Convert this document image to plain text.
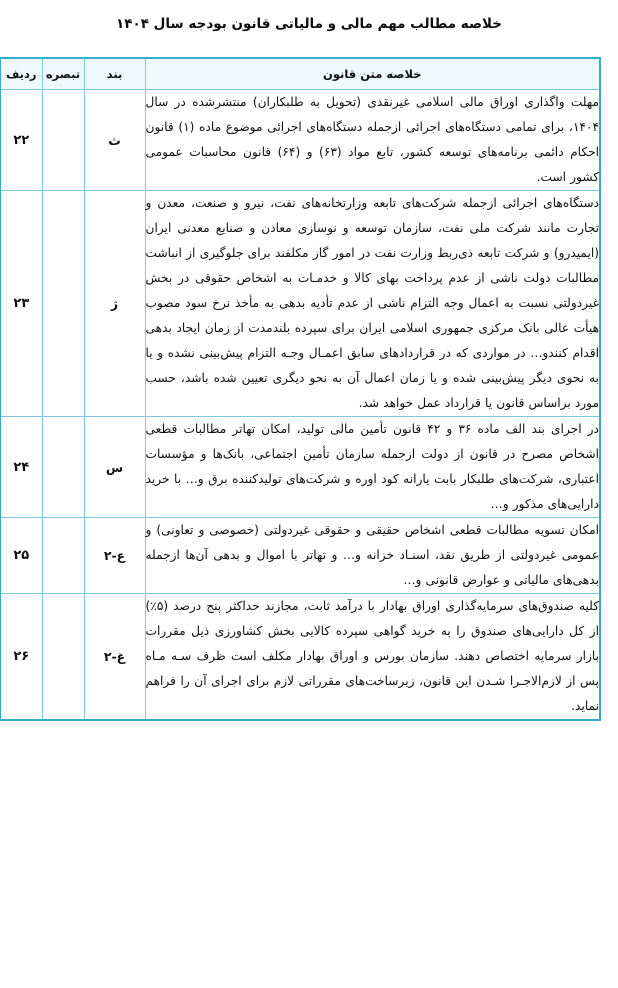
خلاصه مطالب مهم مالی و مالیاتی قانون بودجه سال ۱۴۰۴
خلاصه متن قانون	بند	تبصره	ردیف
مهلت واگذاری اوراق مالی اسلامی غیرنقدی (تحویل به طلبکاران) منتشرشده در سال ۱۴۰۴، برای تمامی دستگاه‌های اجرائی ازجمله دستگاه‌های اجرائی موضوع ماده (۱) قانون احکام دائمی برنامه‌های توسعه کشور، تابع مواد (۶۳) و (۶۴) قانون محاسبات عمومی کشور است.	ث		۲۲
دستگاه‌های اجرائی ازجمله شرکت‌های تابعه وزارتخانه‌های نفت، نیرو و صنعت، معدن و تجارت مانند شرکت ملی نفت، سازمان توسعه و نوسازی معادن و صنایع معدنی ایران (ایمیدرو) و شرکت تابعه ذی‌ربط وزارت نفت در امور گاز مکلفند برای جلوگیری از انباشت مطالبات دولت ناشی از عدم پرداخت بهای کالا و خدمـات به اشخاص حقوقی در بخش غیردولتی نسبت به اعمال وجه التزام ناشی از عدم تأدیه بدهی به مأخذ نرخ سود مصوب هیأت عالی بانک مرکزی جمهوری اسلامی ایران برای سپرده بلندمدت از زمان ایجاد بدهی اقدام کنندو… در مواردی که در قراردادهای سابق اعمـال وجـه التزام پیش‌بینی نشده و یا به نحوی دیگر پیش‌بینی شده و یا زمان اعمال آن به نحو دیگری تعیین شده باشد، حسب مورد براساس قانون یا قرارداد عمل خواهد شد.	ژ		۲۳
در اجرای بند الف ماده ۳۶ و ۴۲ قانون تأمین مالی تولید، امکان تهاتر مطالبات قطعی اشخاص مصرح در قانون از دولت ازجمله سازمان تأمین اجتماعی، بانک‌ها و مؤسسات اعتباری، شرکت‌های طلبکار بابت یارانه کود اوره و شرکت‌های تولیدکننده برق و… با خرید دارایی‌های مذکور و…	س		۲۴
امکان تسویه مطالبات قطعی اشخاص حقیقی و حقوقی غیردولتی (خصوصی و تعاونی) و عمومی غیردولتی از طریق نقد، اسنـاد خزانه و… و تهاتر با اموال و بدهی آن‌ها ازجمله بدهی‌های مالیاتی و عوارض قانونی و…	ع-۲		۲۵
کلیه صندوق‌های سرمایه‌گذاری اوراق بهادار با درآمد ثابت، مجازند حداکثر پنج درصد (۵٪) از کل دارایی‌های صندوق را به خرید گواهی سپرده کالایی بخش کشاورزی ذیل مقررات بازار سرمایه اختصاص دهند. سازمان بورس و اوراق بهادار مکلف است ظرف سـه مـاه پس از لازم‌الاجـرا شـدن این قانون، زیرساخت‌های مقرراتی لازم برای اجرای آن را فراهم نماید.	غ-۲		۲۶
